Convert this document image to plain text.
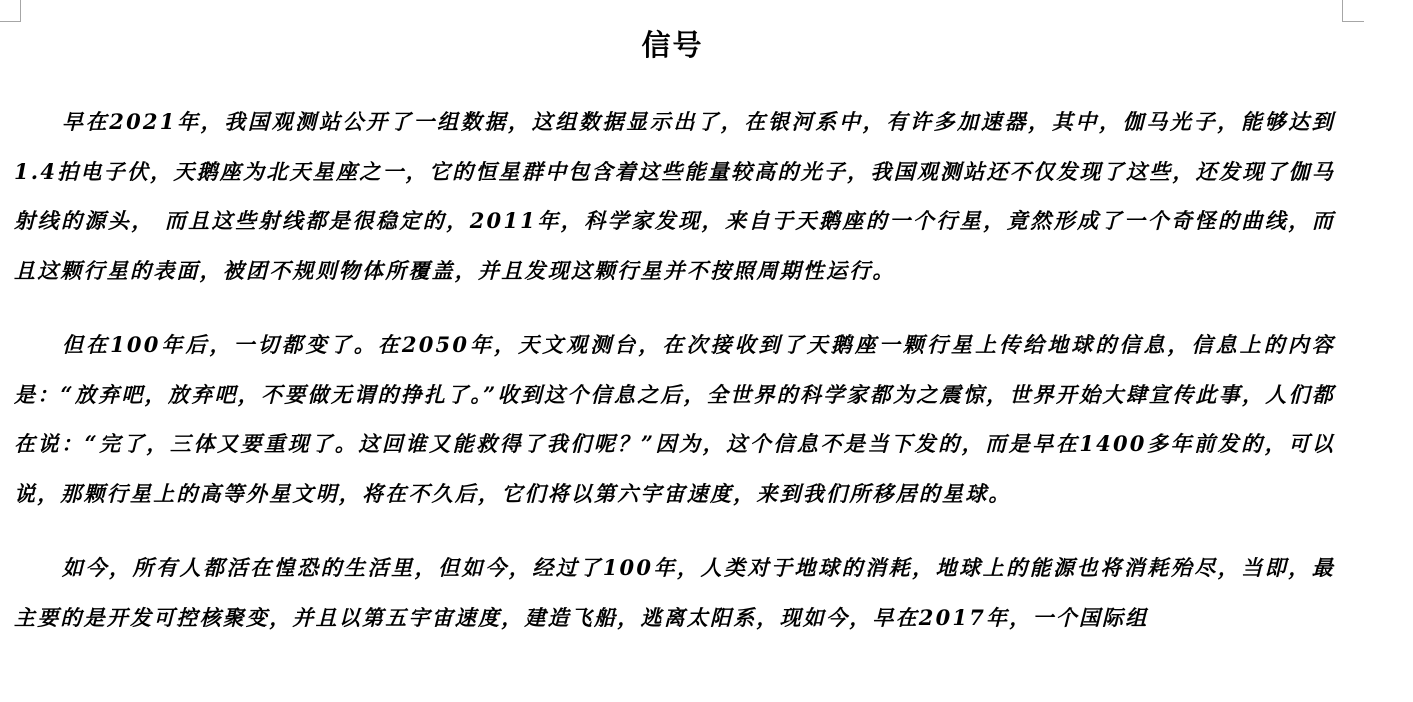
信号

早在2021年，我国观测站公开了一组数据，这组数据显示出了，在银河系中，有许多加速器，其中，伽马光子，能够达到1.4拍电子伏，天鹅座为北天星座之一，它的恒星群中包含着这些能量较高的光子，我国观测站还不仅发现了这些，还发现了伽马射线的源头， 而且这些射线都是很稳定的，2011年，科学家发现，来自于天鹅座的一个行星，竟然形成了一个奇怪的曲线，而且这颗行星的表面，被团不规则物体所覆盖，并且发现这颗行星并不按照周期性运行。

但在100年后，一切都变了。在2050年，天文观测台，在次接收到了天鹅座一颗行星上传给地球的信息，信息上的内容是：“放弃吧，放弃吧，不要做无谓的挣扎了。”收到这个信息之后，全世界的科学家都为之震惊，世界开始大肆宣传此事，人们都在说：“完了，三体又要重现了。这回谁又能救得了我们呢？”因为，这个信息不是当下发的，而是早在1400多年前发的，可以说，那颗行星上的高等外星文明，将在不久后，它们将以第六宇宙速度，来到我们所移居的星球。

如今，所有人都活在惶恐的生活里，但如今，经过了100年，人类对于地球的消耗，地球上的能源也将消耗殆尽，当即，最主要的是开发可控核聚变，并且以第五宇宙速度，建造飞船，逃离太阳系，现如今，早在2017年，一个国际组
